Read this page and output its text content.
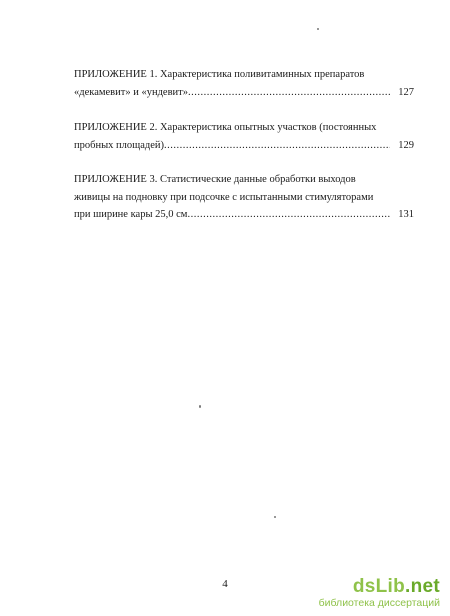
ПРИЛОЖЕНИЕ 1. Характеристика поливитаминных препаратов
«декамевит» и «ундевит» .....	127
ПРИЛОЖЕНИЕ 2. Характеристика опытных участков (постоянных
пробных площадей) .....	129
ПРИЛОЖЕНИЕ 3. Статистические данные обработки выходов
живицы на подновку при подсочке с испытанными стимуляторами
при ширине кары 25,0 см .....	131
4	dsLib.net
библиотека диссертаций
